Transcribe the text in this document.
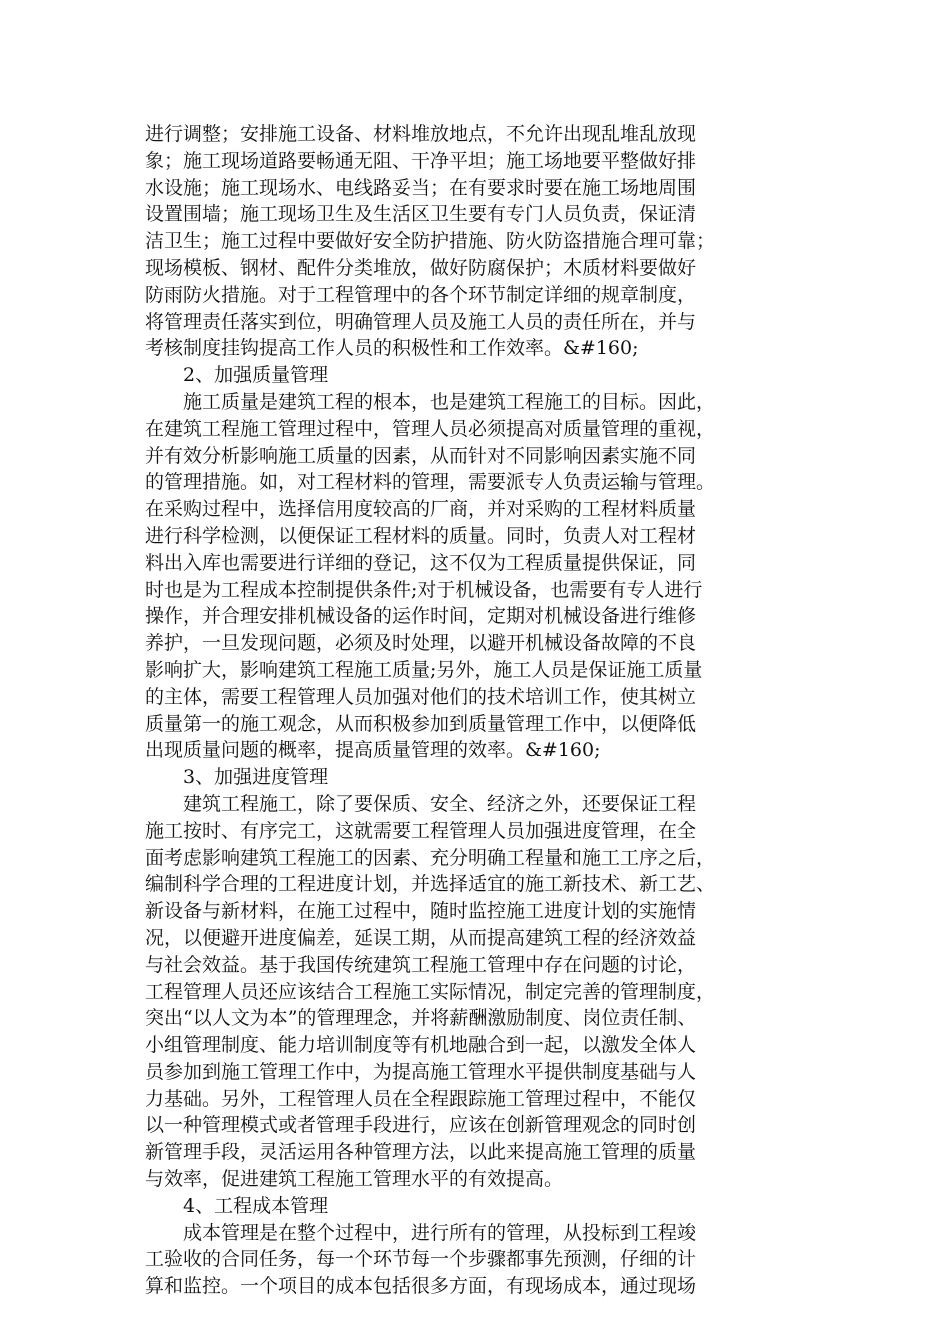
进行调整；安排施工设备、材料堆放地点，不允许出现乱堆乱放现
象；施工现场道路要畅通无阻、干净平坦；施工场地要平整做好排
水设施；施工现场水、电线路妥当；在有要求时要在施工场地周围
设置围墙；施工现场卫生及生活区卫生要有专门人员负责，保证清
洁卫生；施工过程中要做好安全防护措施、防火防盗措施合理可靠；
现场模板、钢材、配件分类堆放，做好防腐保护；木质材料要做好
防雨防火措施。对于工程管理中的各个环节制定详细的规章制度，
将管理责任落实到位，明确管理人员及施工人员的责任所在，并与
考核制度挂钩提高工作人员的积极性和工作效率。&#160;
　　2、加强质量管理
　　施工质量是建筑工程的根本，也是建筑工程施工的目标。因此，
在建筑工程施工管理过程中，管理人员必须提高对质量管理的重视，
并有效分析影响施工质量的因素，从而针对不同影响因素实施不同
的管理措施。如，对工程材料的管理，需要派专人负责运输与管理。
在采购过程中，选择信用度较高的厂商，并对采购的工程材料质量
进行科学检测，以便保证工程材料的质量。同时，负责人对工程材
料出入库也需要进行详细的登记，这不仅为工程质量提供保证，同
时也是为工程成本控制提供条件;对于机械设备，也需要有专人进行
操作，并合理安排机械设备的运作时间，定期对机械设备进行维修
养护，一旦发现问题，必须及时处理，以避开机械设备故障的不良
影响扩大，影响建筑工程施工质量;另外，施工人员是保证施工质量
的主体，需要工程管理人员加强对他们的技术培训工作，使其树立
质量第一的施工观念，从而积极参加到质量管理工作中，以便降低
出现质量问题的概率，提高质量管理的效率。&#160;
　　3、加强进度管理
　　建筑工程施工，除了要保质、安全、经济之外，还要保证工程
施工按时、有序完工，这就需要工程管理人员加强进度管理，在全
面考虑影响建筑工程施工的因素、充分明确工程量和施工工序之后，
编制科学合理的工程进度计划，并选择适宜的施工新技术、新工艺、
新设备与新材料，在施工过程中，随时监控施工进度计划的实施情
况，以便避开进度偏差，延误工期，从而提高建筑工程的经济效益
与社会效益。基于我国传统建筑工程施工管理中存在问题的讨论，
工程管理人员还应该结合工程施工实际情况，制定完善的管理制度，
突出“以人文为本”的管理理念，并将薪酬激励制度、岗位责任制、
小组管理制度、能力培训制度等有机地融合到一起，以激发全体人
员参加到施工管理工作中，为提高施工管理水平提供制度基础与人
力基础。另外，工程管理人员在全程跟踪施工管理过程中，不能仅
以一种管理模式或者管理手段进行，应该在创新管理观念的同时创
新管理手段，灵活运用各种管理方法，以此来提高施工管理的质量
与效率，促进建筑工程施工管理水平的有效提高。
　　4、工程成本管理
　　成本管理是在整个过程中，进行所有的管理，从投标到工程竣
工验收的合同任务，每一个环节每一个步骤都事先预测，仔细的计
算和监控。一个项目的成本包括很多方面，有现场成本，通过现场
